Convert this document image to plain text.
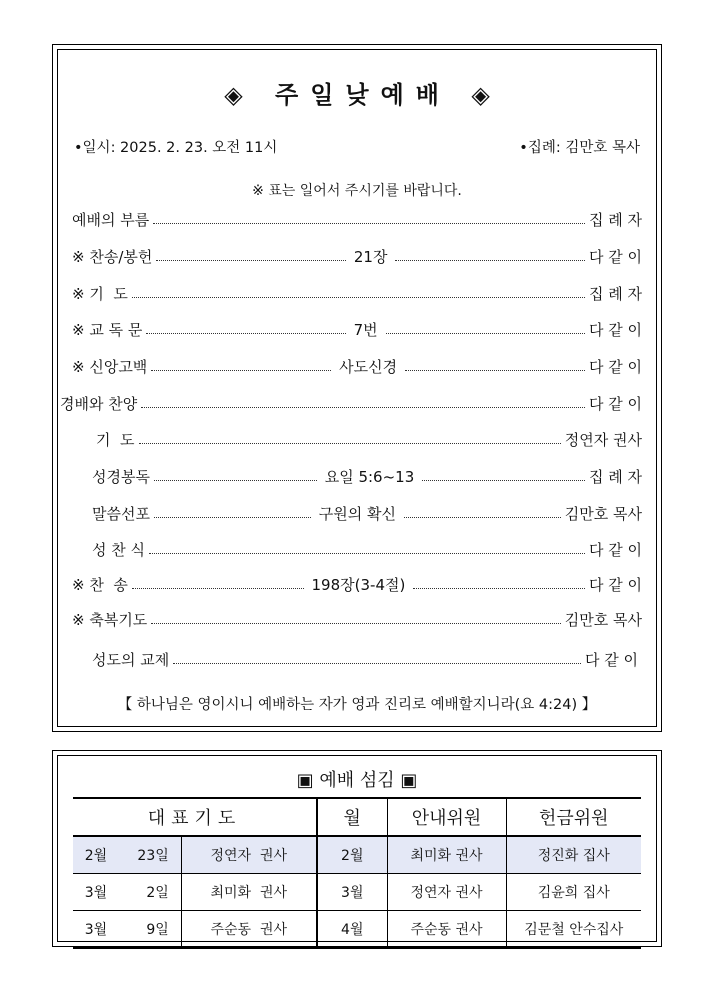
◈ 주일낮예배 ◈
•일시: 2025. 2. 23. 오전 11시	•집례: 김만호 목사
※ 표는 일어서 주시기를 바랍니다.
예배의 부름	집 례 자
※ 찬송/봉헌	21장	다 같 이
※ 기  도	집 례 자
※ 교 독 문	7번	다 같 이
※ 신앙고백	사도신경	다 같 이
경배와 찬양	다 같 이
기  도	정연자 권사
성경봉독	요일 5:6~13	집 례 자
말씀선포	구원의 확신	김만호 목사
성 찬 식	다 같 이
※ 찬  송	198장(3-4절)	다 같 이
※ 축복기도	김만호 목사
성도의 교제	다 같 이
【 하나님은 영이시니 예배하는 자가 영과 진리로 예배할지니라(요 4:24) 】
▣ 예배 섬김 ▣
대표기도		월	안내위원	헌금위원
2월 23일	정연자  권사	2월	최미화 권사	정진화 집사
3월 2일	최미화  권사	3월	정연자 권사	김윤희 집사
3월 9일	주순동  권사	4월	주순동 권사	김문철 안수집사
